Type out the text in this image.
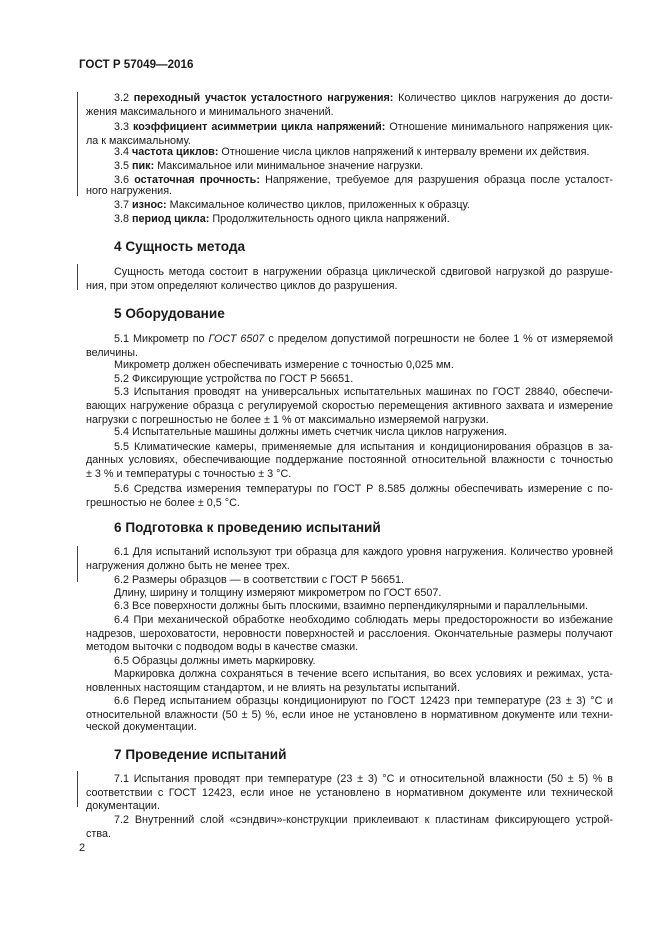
ГОСТ Р 57049—2016
3.2 переходный участок усталостного нагружения: Количество циклов нагружения до дости-
жения максимального и минимального значений.
3.3 коэффициент асимметрии цикла напряжений: Отношение минимального напряжения цик-
ла к максимальному.
3.4 частота циклов: Отношение числа циклов напряжений к интервалу времени их действия.
3.5 пик: Максимальное или минимальное значение нагрузки.
3.6 остаточная прочность: Напряжение, требуемое для разрушения образца после усталост-
ного нагружения.
3.7 износ: Максимальное количество циклов, приложенных к образцу.
3.8 период цикла: Продолжительность одного цикла напряжений.
4 Сущность метода
Сущность метода состоит в нагружении образца циклической сдвиговой нагрузкой до разруше-
ния, при этом определяют количество циклов до разрушения.
5 Оборудование
5.1 Микрометр по ГОСТ 6507 с пределом допустимой погрешности не более 1 % от измеряемой
величины.
Микрометр должен обеспечивать измерение с точностью 0,025 мм.
5.2 Фиксирующие устройства по ГОСТ Р 56651.
5.3 Испытания проводят на универсальных испытательных машинах по ГОСТ 28840, обеспечи-
вающих нагружение образца с регулируемой скоростью перемещения активного захвата и измерение
нагрузки с погрешностью не более ± 1 % от максимально измеряемой нагрузки.
5.4 Испытательные машины должны иметь счетчик числа циклов нагружения.
5.5 Климатические камеры, применяемые для испытания и кондиционирования образцов в за-
данных условиях, обеспечивающие поддержание постоянной относительной влажности с точностью
± 3 % и температуры с точностью ± 3 °С.
5.6 Средства измерения температуры по ГОСТ Р 8.585 должны обеспечивать измерение с по-
грешностью не более ± 0,5 °С.
6 Подготовка к проведению испытаний
6.1 Для испытаний используют три образца для каждого уровня нагружения. Количество уровней
нагружения должно быть не менее трех.
6.2 Размеры образцов — в соответствии с ГОСТ Р 56651.
Длину, ширину и толщину измеряют микрометром по ГОСТ 6507.
6.3 Все поверхности должны быть плоскими, взаимно перпендикулярными и параллельными.
6.4 При механической обработке необходимо соблюдать меры предосторожности во избежание
надрезов, шероховатости, неровности поверхностей и расслоения. Окончательные размеры получают
методом выточки с подводом воды в качестве смазки.
6.5 Образцы должны иметь маркировку.
Маркировка должна сохраняться в течение всего испытания, во всех условиях и режимах, уста-
новленных настоящим стандартом, и не влиять на результаты испытаний.
6.6 Перед испытанием образцы кондиционируют по ГОСТ 12423 при температуре (23 ± 3) °С и
относительной влажности (50 ± 5) %, если иное не установлено в нормативном документе или техни-
ческой документации.
7 Проведение испытаний
7.1 Испытания проводят при температуре (23 ± 3) °С и относительной влажности (50 ± 5) % в
соответствии с ГОСТ 12423, если иное не установлено в нормативном документе или технической
документации.
7.2 Внутренний слой «сэндвич»-конструкции приклеивают к пластинам фиксирующего устрой-
ства.
2
